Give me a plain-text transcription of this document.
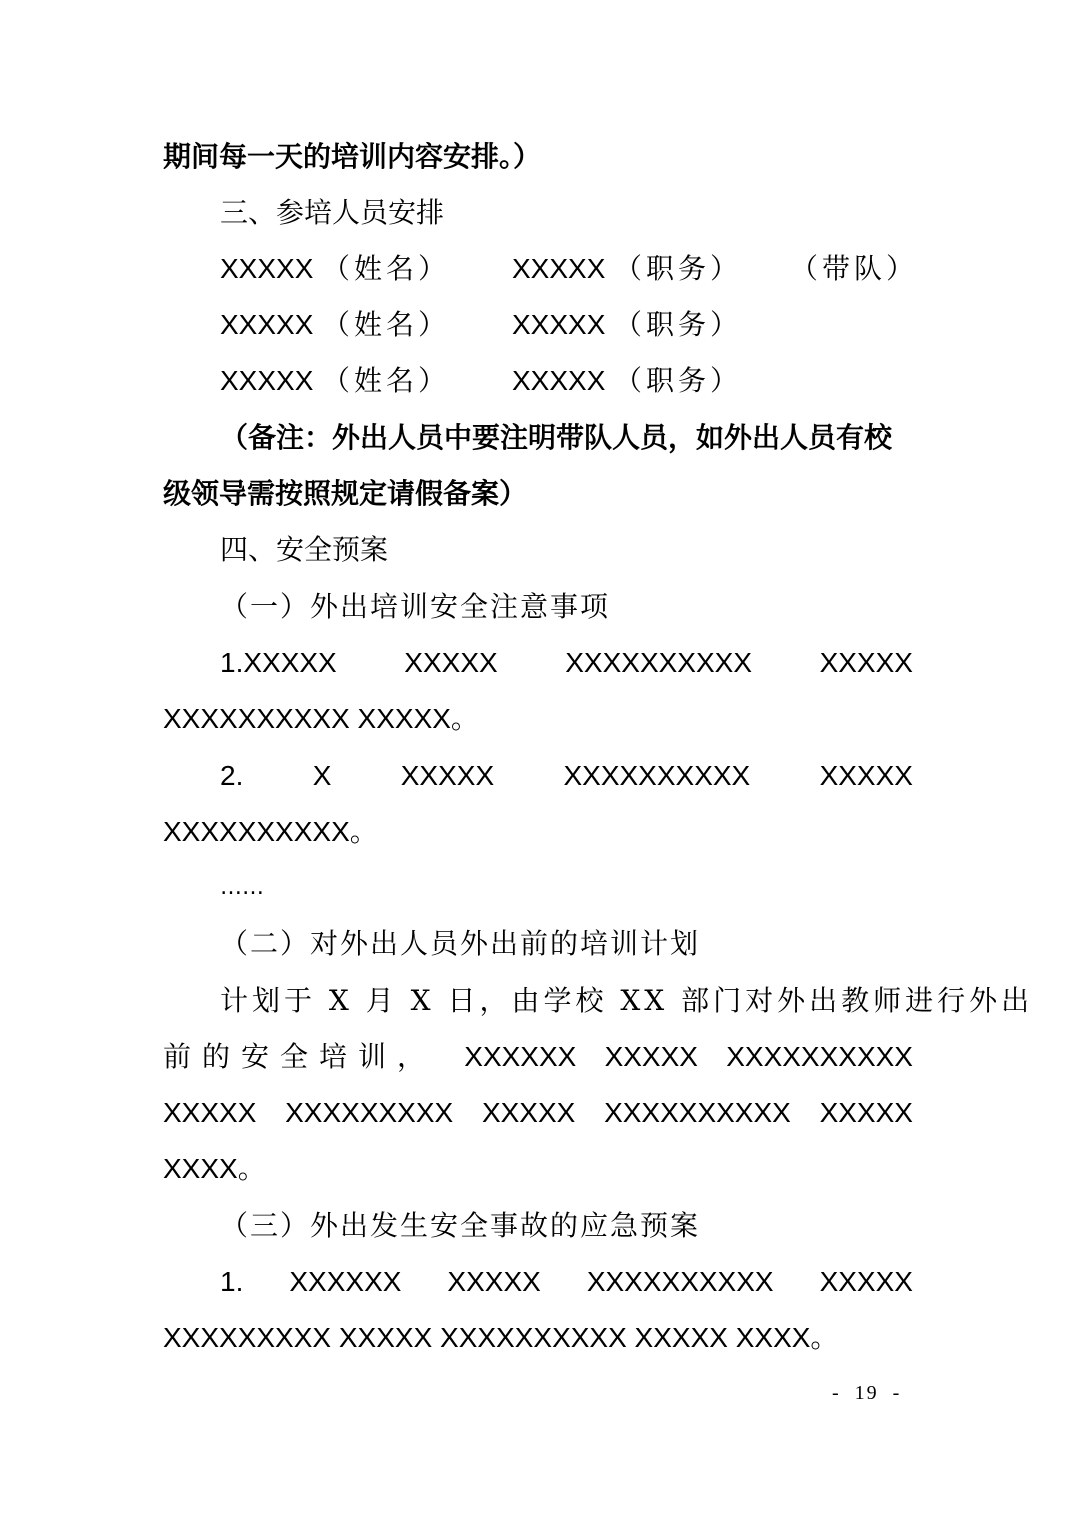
期间每一天的培训内容安排。）
三、参培人员安排
XXXXX （姓名） XXXXX （职务） （带队）
XXXXX （姓名） XXXXX （职务）
XXXXX （姓名） XXXXX （职务）
（备注：外出人员中要注明带队人员，如外出人员有校
级领导需按照规定请假备案）
四、安全预案
（一）外出培训安全注意事项
1.XXXXX XXXXX XXXXXXXXXX XXXXX
XXXXXXXXXX XXXXX。
2. X XXXXX XXXXXXXXXX XXXXX
XXXXXXXXXX。
……
（二）对外出人员外出前的培训计划
计划于 X 月 X 日，由学校 XX 部门对外出教师进行外出
前的安全培训， XXXXXX XXXXX XXXXXXXXXX
XXXXX XXXXXXXXX XXXXX XXXXXXXXXX XXXXX
XXXX。
（三）外出发生安全事故的应急预案
1. XXXXXX XXXXX XXXXXXXXXX XXXXX
XXXXXXXXX XXXXX XXXXXXXXXX XXXXX XXXX。
-  19  -
